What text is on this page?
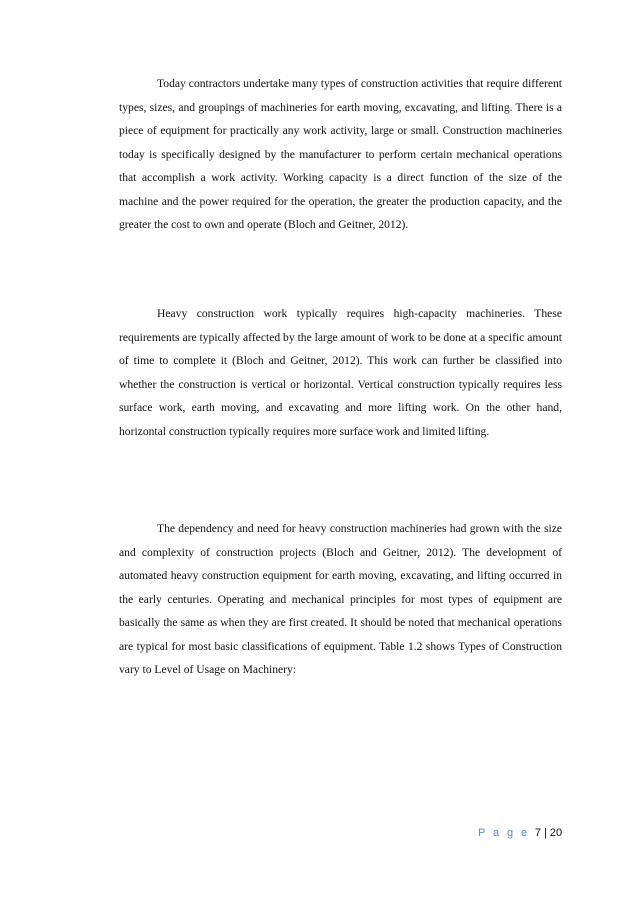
Today contractors undertake many types of construction activities that require different types, sizes, and groupings of machineries for earth moving, excavating, and lifting. There is a piece of equipment for practically any work activity, large or small. Construction machineries today is specifically designed by the manufacturer to perform certain mechanical operations that accomplish a work activity. Working capacity is a direct function of the size of the machine and the power required for the operation, the greater the production capacity, and the greater the cost to own and operate (Bloch and Geitner, 2012).

Heavy construction work typically requires high-capacity machineries. These requirements are typically affected by the large amount of work to be done at a specific amount of time to complete it (Bloch and Geitner, 2012). This work can further be classified into whether the construction is vertical or horizontal. Vertical construction typically requires less surface work, earth moving, and excavating and more lifting work. On the other hand, horizontal construction typically requires more surface work and limited lifting.

The dependency and need for heavy construction machineries had grown with the size and complexity of construction projects (Bloch and Geitner, 2012). The development of automated heavy construction equipment for earth moving, excavating, and lifting occurred in the early centuries. Operating and mechanical principles for most types of equipment are basically the same as when they are first created. It should be noted that mechanical operations are typical for most basic classifications of equipment. Table 1.2 shows Types of Construction vary to Level of Usage on Machinery:

P a g e 7 | 20
